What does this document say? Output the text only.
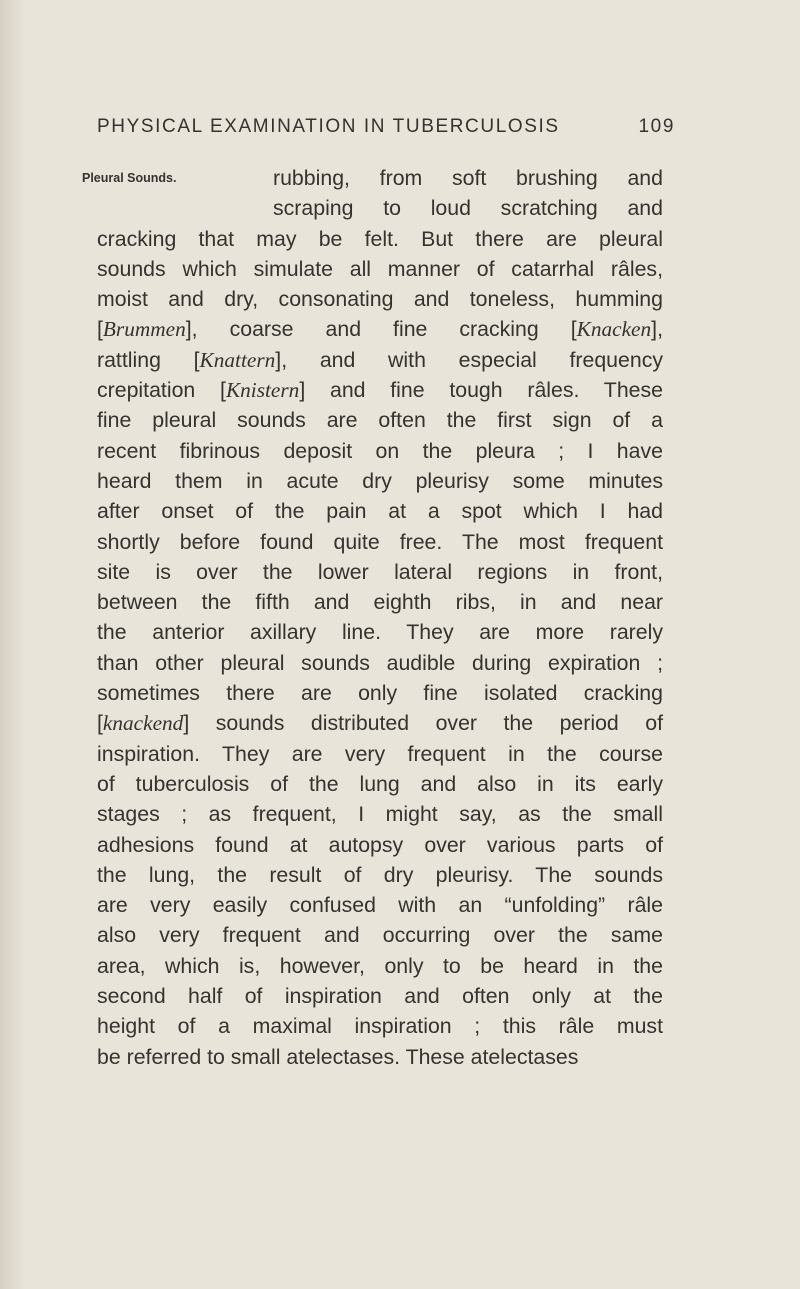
PHYSICAL EXAMINATION IN TUBERCULOSIS	109
Pleural Sounds.	rubbing, from soft brushing and
scraping to loud scratching and
cracking that may be felt. But there are pleural
sounds which simulate all manner of catarrhal râles,
moist and dry, consonating and toneless, humming
[Brummen], coarse and fine cracking [Knacken],
rattling [Knattern], and with especial frequency
crepitation [Knistern] and fine tough râles. These
fine pleural sounds are often the first sign of a
recent fibrinous deposit on the pleura ; I have
heard them in acute dry pleurisy some minutes
after onset of the pain at a spot which I had
shortly before found quite free. The most frequent
site is over the lower lateral regions in front,
between the fifth and eighth ribs, in and near
the anterior axillary line. They are more rarely
than other pleural sounds audible during expiration ;
sometimes there are only fine isolated cracking
[knackend] sounds distributed over the period of
inspiration. They are very frequent in the course
of tuberculosis of the lung and also in its early
stages ; as frequent, I might say, as the small
adhesions found at autopsy over various parts of
the lung, the result of dry pleurisy. The sounds
are very easily confused with an “unfolding” râle
also very frequent and occurring over the same
area, which is, however, only to be heard in the
second half of inspiration and often only at the
height of a maximal inspiration ; this râle must
be referred to small atelectases. These atelectases
